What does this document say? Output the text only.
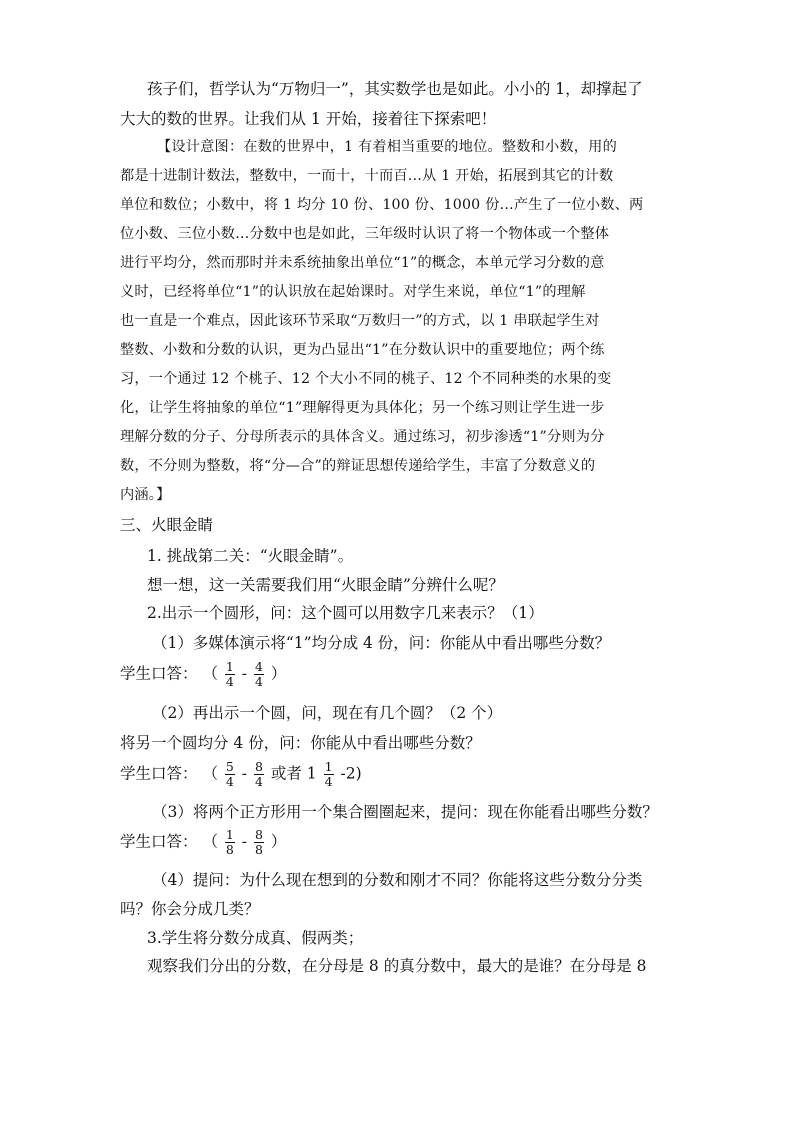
孩子们，哲学认为“万物归一”，其实数学也是如此。小小的 1，却撑起了
大大的数的世界。让我们从 1 开始，接着往下探索吧！
【设计意图：在数的世界中，1 有着相当重要的地位。整数和小数，用的
都是十进制计数法，整数中，一而十，十而百…从 1 开始，拓展到其它的计数
单位和数位；小数中，将 1 均分 10 份、100 份、1000 份…产生了一位小数、两
位小数、三位小数…分数中也是如此，三年级时认识了将一个物体或一个整体
进行平均分，然而那时并未系统抽象出单位“1”的概念，本单元学习分数的意
义时，已经将单位“1”的认识放在起始课时。对学生来说，单位“1”的理解
也一直是一个难点，因此该环节采取“万数归一”的方式，以 1 串联起学生对
整数、小数和分数的认识，更为凸显出“1”在分数认识中的重要地位；两个练
习，一个通过 12 个桃子、12 个大小不同的桃子、12 个不同种类的水果的变
化，让学生将抽象的单位“1”理解得更为具体化；另一个练习则让学生进一步
理解分数的分子、分母所表示的具体含义。通过练习，初步渗透“1”分则为分
数，不分则为整数，将“分—合”的辩证思想传递给学生，丰富了分数意义的
内涵。】
三、火眼金睛
1. 挑战第二关：“火眼金睛”。
想一想，这一关需要我们用“火眼金睛”分辨什么呢？
2.出示一个圆形，问：这个圆可以用数字几来表示？（1）
（1）多媒体演示将“1”均分成 4 份，问：你能从中看出哪些分数？
学生口答： （ $\frac{1}{4} - \frac{4}{4}$ ）
（2）再出示一个圆，问，现在有几个圆？（2 个）
将另一个圆均分 4 份，问：你能从中看出哪些分数？
学生口答： （ $\frac{5}{4} - \frac{8}{4}$ 或者 $1 \frac{1}{4} -2$)
（3）将两个正方形用一个集合圈圈起来，提问：现在你能看出哪些分数？
学生口答： （ $\frac{1}{8} - \frac{8}{8}$ ）
（4）提问：为什么现在想到的分数和刚才不同？你能将这些分数分分类
吗？你会分成几类？
3.学生将分数分成真、假两类；
观察我们分出的分数，在分母是 8 的真分数中，最大的是谁？在分母是 8
